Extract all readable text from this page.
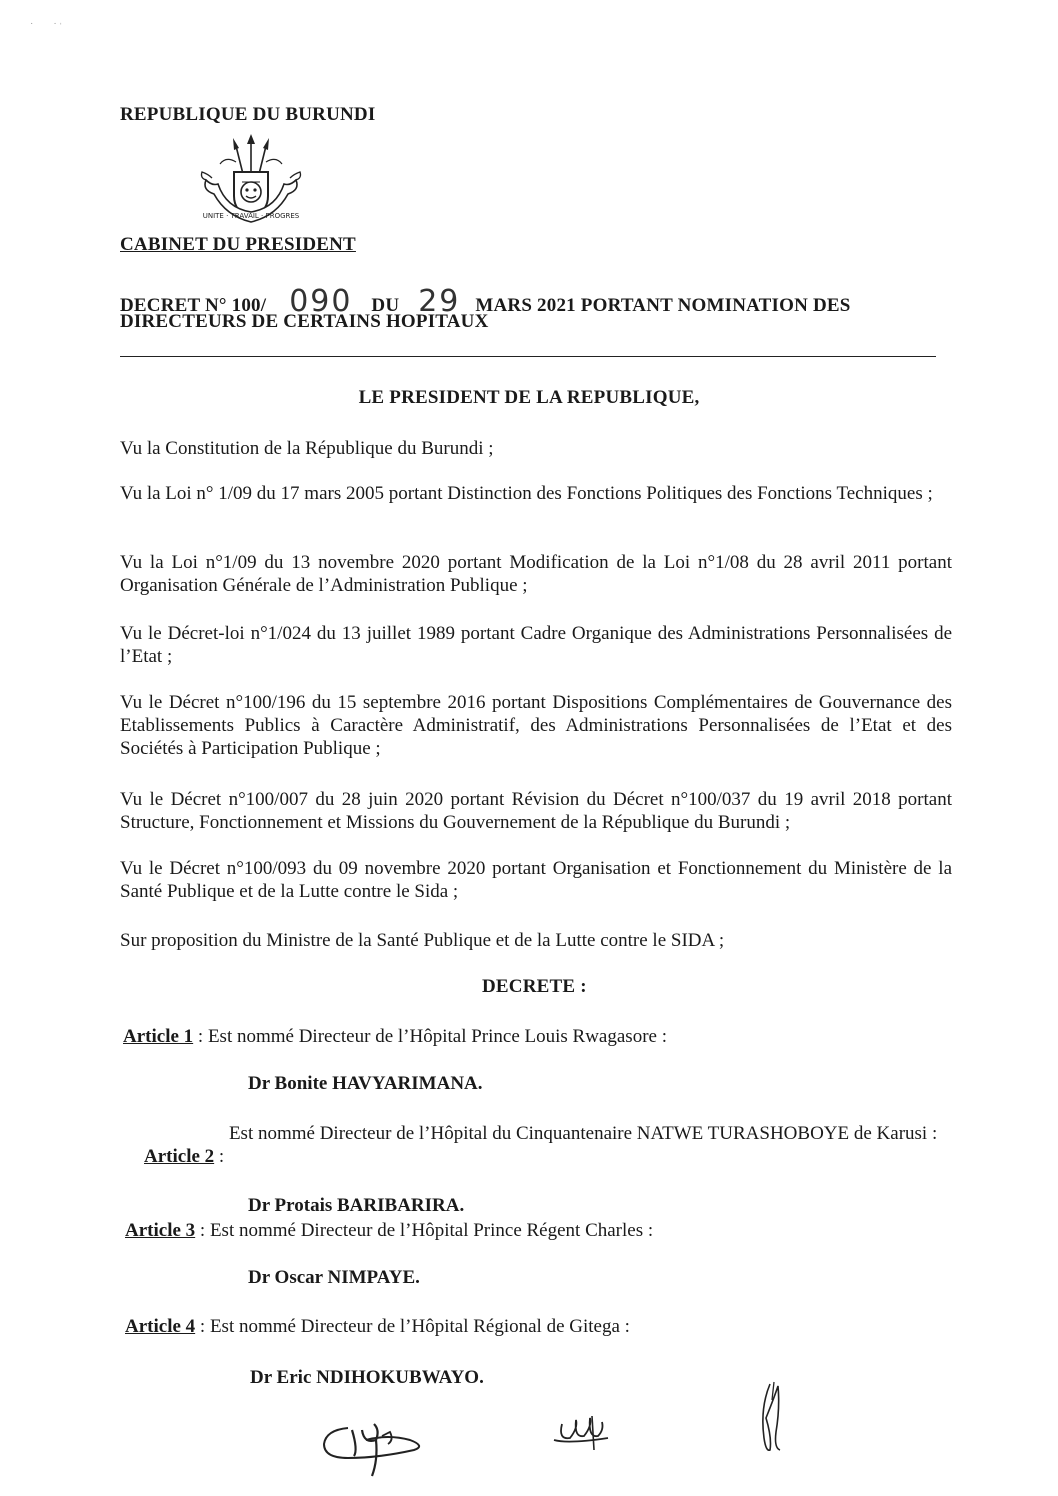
˙        ˙ ˈ
REPUBLIQUE DU BURUNDI
UNITE · TRAVAIL · PROGRES
CABINET DU PRESIDENT
DECRET N° 100/ 090 DU 29 MARS 2021 PORTANT NOMINATION DES
DIRECTEURS DE CERTAINS HOPITAUX
LE PRESIDENT DE LA REPUBLIQUE,
Vu la Constitution de la République du Burundi ;
Vu la Loi n° 1/09 du 17 mars 2005 portant Distinction des Fonctions Politiques des Fonctions Techniques ;
Vu la Loi n°1/09 du 13 novembre 2020 portant Modification de la Loi n°1/08 du 28 avril 2011 portant Organisation Générale de l’Administration Publique ;
Vu le Décret-loi n°1/024 du 13 juillet 1989 portant Cadre Organique des Administrations Personnalisées de l’Etat ;
Vu le Décret n°100/196 du 15 septembre 2016 portant Dispositions Complémentaires de Gouvernance des Etablissements Publics à Caractère Administratif, des Administrations Personnalisées de l’Etat et des Sociétés à Participation Publique ;
Vu le Décret n°100/007 du 28 juin 2020 portant Révision du Décret n°100/037 du 19 avril 2018 portant Structure, Fonctionnement et Missions du Gouvernement de la République du Burundi ;
Vu le Décret n°100/093 du 09 novembre 2020 portant Organisation et Fonctionnement du Ministère de la Santé Publique et de la Lutte contre le Sida ;
Sur proposition du Ministre de la Santé Publique et de la Lutte contre le SIDA ;
DECRETE :
Article 1 : Est nommé Directeur de l’Hôpital Prince Louis Rwagasore :
Dr Bonite HAVYARIMANA.

Article 2 :

Est nommé Directeur de l’Hôpital du Cinquantenaire NATWE TURASHOBOYE de Karusi :
Dr Protais BARIBARIRA.
Article 3 : Est nommé Directeur de l’Hôpital Prince Régent Charles :
Dr Oscar NIMPAYE.
Article 4 : Est nommé Directeur de l’Hôpital Régional de Gitega :
Dr Eric NDIHOKUBWAYO.
